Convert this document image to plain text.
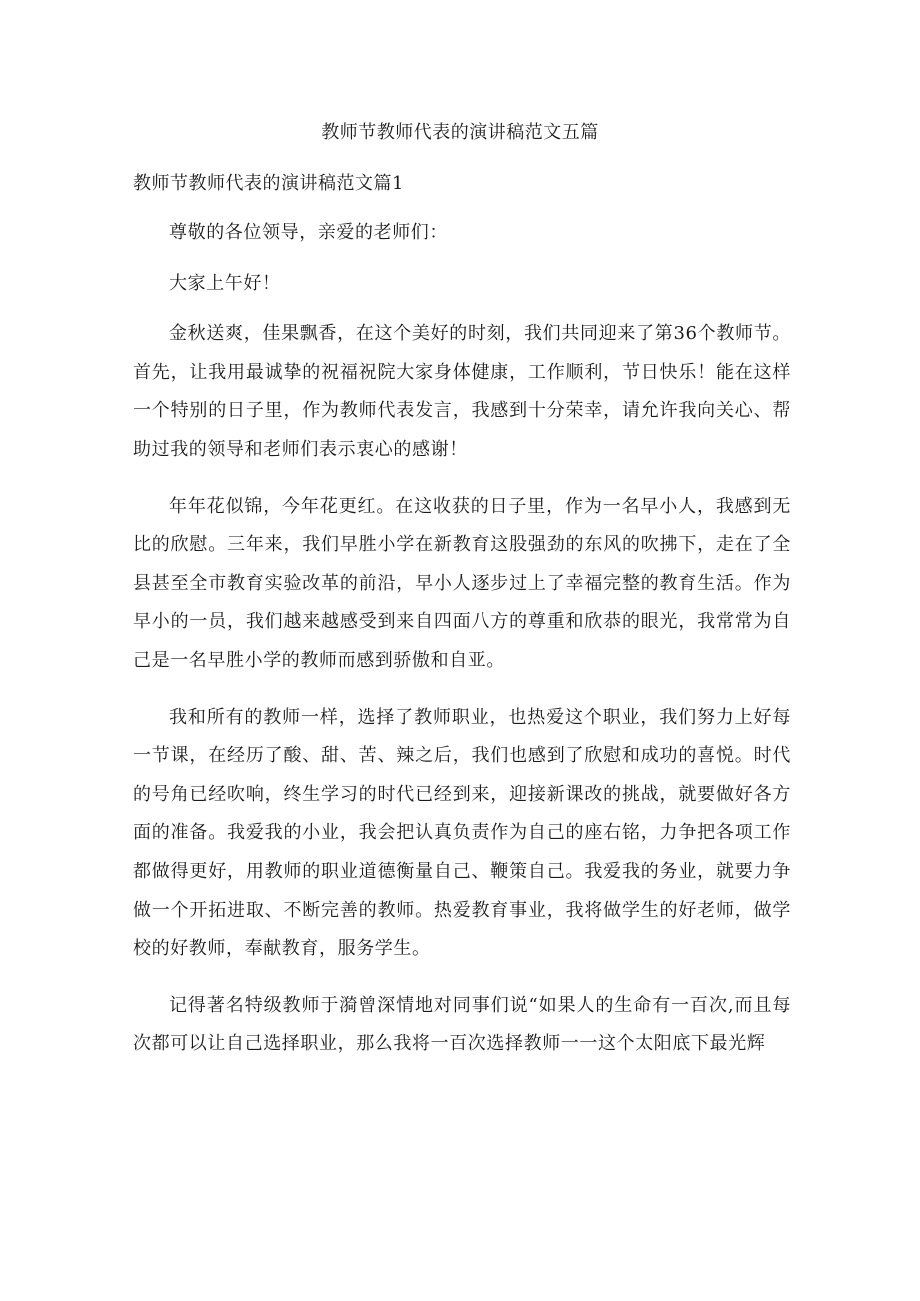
教师节教师代表的演讲稿范文五篇
教师节教师代表的演讲稿范文篇1

尊敬的各位领导，亲爱的老师们：

大家上午好！

金秋送爽，佳果飘香，在这个美好的时刻，我们共同迎来了第36个教师节。首先，让我用最诚挚的祝福祝院大家身体健康，工作顺利，节日快乐！能在这样一个特别的日子里，作为教师代表发言，我感到十分荣幸，请允许我向关心、帮助过我的领导和老师们表示衷心的感谢！

年年花似锦，今年花更红。在这收获的日子里，作为一名早小人，我感到无比的欣慰。三年来，我们早胜小学在新教育这股强劲的东风的吹拂下，走在了全县甚至全市教育实验改革的前沿，早小人逐步过上了幸福完整的教育生活。作为早小的一员，我们越来越感受到来自四面八方的尊重和欣恭的眼光，我常常为自己是一名早胜小学的教师而感到骄傲和自亚。

我和所有的教师一样，选择了教师职业，也热爱这个职业，我们努力上好每一节课，在经历了酸、甜、苦、辣之后，我们也感到了欣慰和成功的喜悦。时代的号角已经吹响，终生学习的时代已经到来，迎接新课改的挑战，就要做好各方面的准备。我爱我的小业，我会把认真负责作为自己的座右铭，力争把各项工作都做得更好，用教师的职业道德衡量自己、鞭策自己。我爱我的务业，就要力争做一个开拓进取、不断完善的教师。热爱教育事业，我将做学生的好老师，做学校的好教师，奉献教育，服务学生。

记得著名特级教师于漪曾深情地对同事们说“如果人的生命有一百次,而且每次都可以让自己选择职业，那么我将一百次选择教师一一这个太阳底下最光辉
